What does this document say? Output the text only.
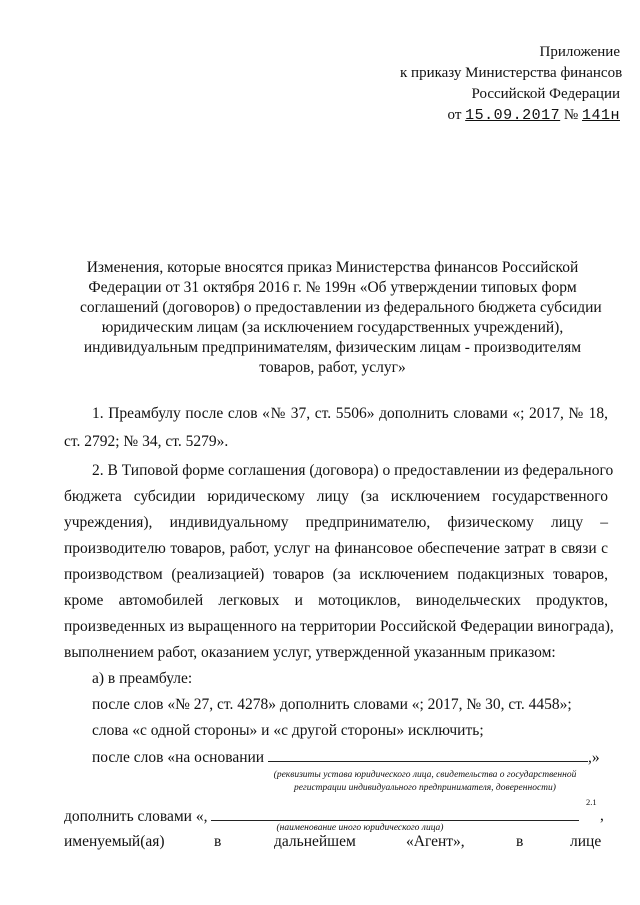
Приложение
к приказу Министерства финансов
Российской Федерации
от 15.09.2017 № 141н
Изменения, которые вносятся приказ Министерства финансов Российской
Федерации от 31 октября 2016 г. № 199н «Об утверждении типовых форм
соглашений (договоров) о предоставлении из федерального бюджета субсидии
юридическим лицам (за исключением государственных учреждений),
индивидуальным предпринимателям, физическим лицам - производителям
товаров, работ, услуг»
1. Преамбулу после слов «№ 37, ст. 5506» дополнить словами «; 2017, № 18,
ст. 2792; № 34, ст. 5279».
2. В Типовой форме соглашения (договора) о предоставлении из федерального
бюджета субсидии юридическому лицу (за исключением государственного
учреждения), индивидуальному предпринимателю, физическому лицу –
производителю товаров, работ, услуг на финансовое обеспечение затрат в связи с
производством (реализацией) товаров (за исключением подакцизных товаров,
кроме автомобилей легковых и мотоциклов, винодельческих продуктов,
произведенных из выращенного на территории Российской Федерации винограда),
выполнением работ, оказанием услуг, утвержденной указанным приказом:
а) в преамбуле:
после слов «№ 27, ст. 4278» дополнить словами «; 2017, № 30, ст. 4458»;
слова «с одной стороны» и «с другой стороны» исключить;
после слов «на основании	,»
(реквизиты устава юридического лица, свидетельства о государственной
регистрации индивидуального предпринимателя, доверенности)
дополнить словами «,
2.1
,
(наименование иного юридического лица)
именуемый(ая)	в	дальнейшем	«Агент»,	в	лице
